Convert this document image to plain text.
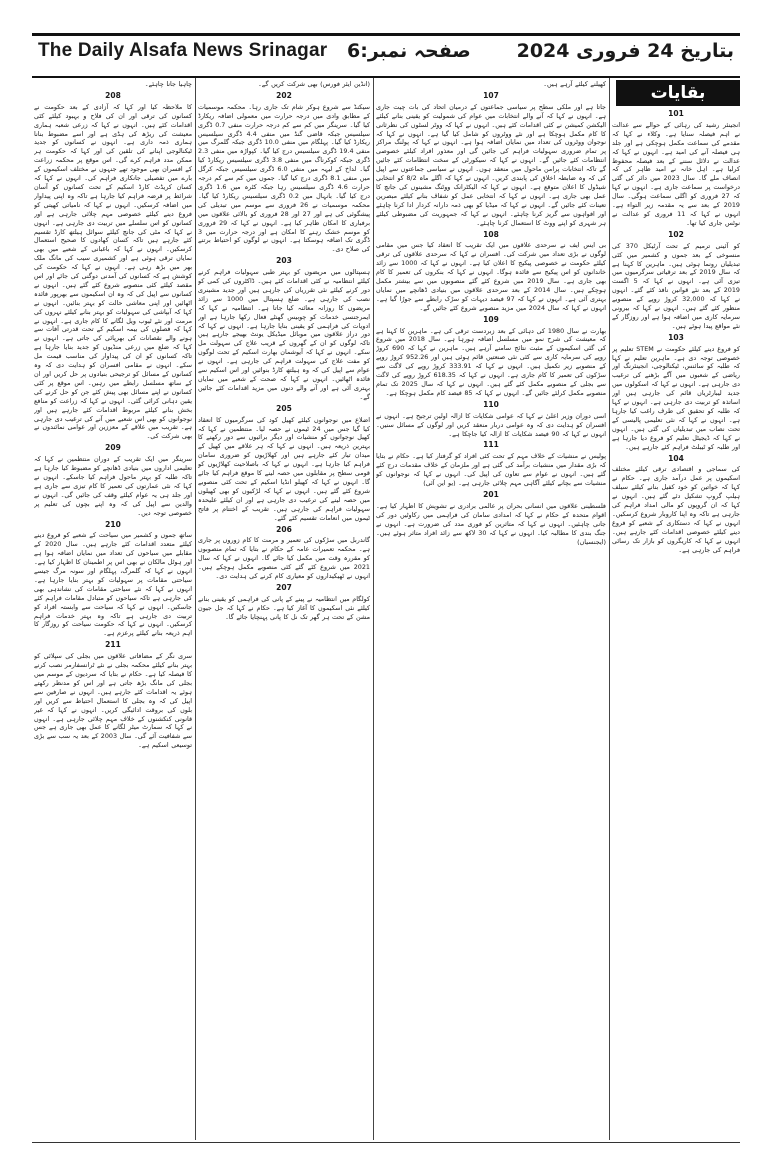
The Daily Alsafa News Srinagar صفحہ نمبر:6 بتاریخ 24 فروری 2024

چاہیا جانا چاہئے۔

208

کا ملاحظہ کیا اور کہا کہ آزادی کے بعد حکومت نے کسانوں کی ترقی اور ان کی فلاح و بہبود کیلئے کئی اقدامات کئے ہیں۔ انہوں نے کہا کہ زرعی شعبہ ہماری معیشت کی ریڑھ کی ہڈی ہے اور اسے مضبوط بنانا ہماری ذمہ داری ہے۔ انہوں نے کسانوں کو جدید ٹیکنالوجی اپنانے کی تلقین کی اور کہا کہ حکومت ہر ممکن مدد فراہم کرے گی۔ اس موقع پر محکمہ زراعت کے افسران بھی موجود تھے جنہوں نے مختلف اسکیموں کے بارے میں تفصیلی جانکاری فراہم کی۔ انہوں نے کہا کہ کسان کریڈٹ کارڈ اسکیم کے تحت کسانوں کو آسان شرائط پر قرضہ فراہم کیا جارہا ہے تاکہ وہ اپنی پیداوار میں اضافہ کرسکیں۔ انہوں نے کہا کہ نامیاتی کھیتی کو فروغ دینے کیلئے خصوصی مہم چلائی جارہی ہے اور کسانوں کو اس سلسلے میں تربیت دی جارہی ہے۔ انہوں نے کہا کہ مٹی کی جانچ کیلئے سوائل ہیلتھ کارڈ تقسیم کئے جارہے ہیں تاکہ کسان کھادوں کا صحیح استعمال کرسکیں۔ انہوں نے کہا کہ باغبانی کے شعبے میں بھی نمایاں ترقی ہوئی ہے اور کشمیری سیب کی مانگ ملک بھر میں بڑھ رہی ہے۔ انہوں نے کہا کہ حکومت کی کوشش ہے کہ کسانوں کی آمدنی دوگنی کی جائے اور اس مقصد کیلئے کئی منصوبے شروع کئے گئے ہیں۔ انہوں نے کسانوں سے اپیل کی کہ وہ ان اسکیموں سے بھرپور فائدہ اٹھائیں اور اپنی معاشی حالت کو بہتر بنائیں۔ انہوں نے کہا کہ آبپاشی کی سہولیات کو بہتر بنانے کیلئے نہروں کی مرمت اور نئے ٹیوب ویل لگانے کا کام جاری ہے۔ انہوں نے کہا کہ فصلوں کی بیمہ اسکیم کے تحت قدرتی آفات سے ہونے والے نقصانات کی بھرپائی کی جاتی ہے۔ انہوں نے کہا کہ ضلع میں زرعی منڈیوں کو جدید بنایا جارہا ہے تاکہ کسانوں کو ان کی پیداوار کی مناسب قیمت مل سکے۔ انہوں نے مقامی افسران کو ہدایت دی کہ وہ کسانوں کے مسائل کو ترجیحی بنیادوں پر حل کریں اور ان کے ساتھ مسلسل رابطے میں رہیں۔ اس موقع پر کئی کسانوں نے اپنے مسائل بھی پیش کئے جن کو حل کرنے کی یقین دہانی کرائی گئی۔ انہوں نے کہا کہ زراعت کو منافع بخش بنانے کیلئے مربوط اقدامات کئے جارہے ہیں اور نوجوانوں کو بھی اس شعبے میں آنے کی ترغیب دی جارہی ہے۔ تقریب میں علاقے کے معززین اور عوامی نمائندوں نے بھی شرکت کی۔

209

سرینگر میں ایک تقریب کے دوران منتظمین نے کہا کہ تعلیمی اداروں میں بنیادی ڈھانچے کو مضبوط کیا جارہا ہے تاکہ طلبہ کو بہتر ماحول فراہم کیا جاسکے۔ انہوں نے کہا کہ نئی عمارتوں کی تعمیر کا کام تیزی سے جاری ہے اور جلد ہی یہ عوام کیلئے وقف کی جائیں گی۔ انہوں نے والدین سے اپیل کی کہ وہ اپنے بچوں کی تعلیم پر خصوصی توجہ دیں۔

210

ساتھ جموں و کشمیر میں سیاحت کے شعبے کو فروغ دینے کیلئے متعدد اقدامات کئے جارہے ہیں۔ سال 2020 کے مقابلے میں سیاحوں کی تعداد میں نمایاں اضافہ ہوا ہے اور ہوٹل مالکان نے بھی اس پر اطمینان کا اظہار کیا ہے۔ انہوں نے کہا کہ گلمرگ، پہلگام اور سونہ مرگ جیسے سیاحتی مقامات پر سہولیات کو بہتر بنایا جارہا ہے۔ انہوں نے کہا کہ نئے سیاحتی مقامات کی نشاندہی بھی کی جارہی ہے تاکہ سیاحوں کو متبادل مقامات فراہم کئے جاسکیں۔ انہوں نے کہا کہ سیاحت سے وابستہ افراد کو تربیت دی جارہی ہے تاکہ وہ بہتر خدمات فراہم کرسکیں۔ انہوں نے کہا کہ حکومت سیاحت کو روزگار کا اہم ذریعہ بنانے کیلئے پرعزم ہے۔

211

سری نگر کے مضافاتی علاقوں میں بجلی کی سپلائی کو بہتر بنانے کیلئے محکمہ بجلی نے نئے ٹرانسفارمر نصب کرنے کا فیصلہ کیا ہے۔ حکام نے بتایا کہ سردیوں کے موسم میں بجلی کی مانگ بڑھ جاتی ہے اور اس کو مدنظر رکھتے ہوئے یہ اقدامات کئے جارہے ہیں۔ انہوں نے صارفین سے اپیل کی کہ وہ بجلی کا استعمال احتیاط سے کریں اور بلوں کی بروقت ادائیگی کریں۔ انہوں نے کہا کہ غیر قانونی کنکشنوں کے خلاف مہم چلائی جارہی ہے۔ انہوں نے کہا کہ سمارٹ میٹر لگانے کا عمل بھی جاری ہے جس سے شفافیت آئے گی۔ سال 2003 کے بعد یہ سب سے بڑی توسیعی اسکیم ہے۔

(انڈین ایئر فورس) بھی شرکت کریں گے۔

202

سیکنڈ سے شروع ہوکر شام تک جاری رہا۔ محکمہ موسمیات کے مطابق وادی میں درجہ حرارت میں معمولی اضافہ ریکارڈ کیا گیا۔ سرینگر میں کم سے کم درجہ حرارت منفی 0.7 ڈگری سیلسیس جبکہ قاضی گنڈ میں منفی 4.4 ڈگری سیلسیس ریکارڈ کیا گیا۔ پہلگام میں منفی 10.0 ڈگری جبکہ گلمرگ میں منفی 19.4 ڈگری سیلسیس درج کیا گیا۔ کپواڑہ میں منفی 2.3 ڈگری جبکہ کوکرناگ میں منفی 3.8 ڈگری سیلسیس ریکارڈ کیا گیا۔ لداخ کے لیہہ میں منفی 6.0 ڈگری سیلسیس جبکہ کرگل میں منفی 8.1 ڈگری درج کیا گیا۔ جموں میں کم سے کم درجہ حرارت 4.6 ڈگری سیلسیس رہا جبکہ کٹرہ میں 1.6 ڈگری درج کیا گیا۔ بانہال میں 0.2 ڈگری سیلسیس ریکارڈ کیا گیا۔ محکمہ موسمیات نے 26 فروری سے موسم میں تبدیلی کی پیشگوئی کی ہے اور 27 اور 28 فروری کو بالائی علاقوں میں برفباری کا امکان ظاہر کیا ہے۔ انہوں نے کہا کہ 29 فروری کو موسم خشک رہنے کا امکان ہے اور درجہ حرارت میں 3 ڈگری تک اضافہ ہوسکتا ہے۔ انہوں نے لوگوں کو احتیاط برتنے کی صلاح دی۔

203

ہسپتالوں میں مریضوں کو بہتر طبی سہولیات فراہم کرنے کیلئے انتظامیہ نے کئی اقدامات کئے ہیں۔ ڈاکٹروں کی کمی کو دور کرنے کیلئے نئی تقرریاں کی جارہی ہیں اور جدید مشینری نصب کی جارہی ہے۔ ضلع ہسپتال میں 1000 سے زائد مریضوں کا روزانہ معائنہ کیا جاتا ہے۔ انتظامیہ نے کہا کہ ایمرجنسی خدمات کو چوبیس گھنٹے فعال رکھا جارہا ہے اور ادویات کی فراہمی کو یقینی بنایا جارہا ہے۔ انہوں نے کہا کہ دور دراز علاقوں میں موبائل میڈیکل یونٹ بھیجے جارہے ہیں تاکہ لوگوں کو ان کے گھروں کے قریب علاج کی سہولت مل سکے۔ انہوں نے کہا کہ آیوشمان بھارت اسکیم کے تحت لوگوں کو مفت علاج کی سہولت فراہم کی جارہی ہے۔ انہوں نے عوام سے اپیل کی کہ وہ ہیلتھ کارڈ بنوائیں اور اس اسکیم سے فائدہ اٹھائیں۔ انہوں نے کہا کہ صحت کے شعبے میں نمایاں بہتری آئی ہے اور آنے والے دنوں میں مزید اقدامات کئے جائیں گے۔

205

اضلاع میں نوجوانوں کیلئے کھیل کود کی سرگرمیوں کا انعقاد کیا گیا جس میں 24 ٹیموں نے حصہ لیا۔ منتظمین نے کہا کہ کھیل نوجوانوں کو منشیات اور دیگر برائیوں سے دور رکھنے کا بہترین ذریعہ ہیں۔ انہوں نے کہا کہ ہر علاقے میں کھیل کے میدان تیار کئے جارہے ہیں اور کھلاڑیوں کو ضروری سامان فراہم کیا جارہا ہے۔ انہوں نے کہا کہ باصلاحیت کھلاڑیوں کو قومی سطح پر مقابلوں میں حصہ لینے کا موقع فراہم کیا جائے گا۔ انہوں نے کہا کہ کھیلو انڈیا اسکیم کے تحت کئی منصوبے شروع کئے گئے ہیں۔ انہوں نے کہا کہ لڑکیوں کو بھی کھیلوں میں حصہ لینے کی ترغیب دی جارہی ہے اور ان کیلئے علیحدہ سہولیات فراہم کی جارہی ہیں۔ تقریب کے اختتام پر فاتح ٹیموں میں انعامات تقسیم کئے گئے۔

206

گاندربل میں سڑکوں کی تعمیر و مرمت کا کام زوروں پر جاری ہے۔ محکمہ تعمیرات عامہ کے حکام نے بتایا کہ تمام منصوبوں کو مقررہ وقت میں مکمل کیا جائے گا۔ انہوں نے کہا کہ سال 2021 میں شروع کئے گئے کئی منصوبے مکمل ہوچکے ہیں۔ انہوں نے ٹھیکیداروں کو معیاری کام کرنے کی ہدایت دی۔

207

کولگام میں انتظامیہ نے پینے کے پانی کی فراہمی کو یقینی بنانے کیلئے نئی اسکیموں کا آغاز کیا ہے۔ حکام نے کہا کہ جل جیون مشن کے تحت ہر گھر تک نل کا پانی پہنچایا جائے گا۔

کھیلنے کیلئے آرہے ہیں۔

107

جاتا ہے اور ملکی سطح پر سیاسی جماعتوں کے درمیان اتحاد کی بات چیت جاری ہے۔ انہوں نے کہا کہ آنے والے انتخابات میں عوام کی شمولیت کو یقینی بنانے کیلئے الیکشن کمیشن نے کئی اقدامات کئے ہیں۔ انہوں نے کہا کہ ووٹر لسٹوں کی نظرثانی کا کام مکمل ہوچکا ہے اور نئے ووٹروں کو شامل کیا گیا ہے۔ انہوں نے کہا کہ نوجوان ووٹروں کی تعداد میں نمایاں اضافہ ہوا ہے۔ انہوں نے کہا کہ پولنگ مراکز پر تمام ضروری سہولیات فراہم کی جائیں گی اور معذور افراد کیلئے خصوصی انتظامات کئے جائیں گے۔ انہوں نے کہا کہ سیکورٹی کے سخت انتظامات کئے جائیں گے تاکہ انتخابات پرامن ماحول میں منعقد ہوں۔ انہوں نے سیاسی جماعتوں سے اپیل کی کہ وہ ضابطہ اخلاق کی پابندی کریں۔ انہوں نے کہا کہ اگلے ماہ 8/2 کو انتخابی شیڈول کا اعلان متوقع ہے۔ انہوں نے کہا کہ الیکٹرانک ووٹنگ مشینوں کی جانچ کا عمل بھی جاری ہے۔ انہوں نے کہا کہ انتخابی عمل کو شفاف بنانے کیلئے مبصرین تعینات کئے جائیں گے۔ انہوں نے کہا کہ میڈیا کو بھی ذمہ دارانہ کردار ادا کرنا چاہئے اور افواہوں سے گریز کرنا چاہئے۔ انہوں نے کہا کہ جمہوریت کی مضبوطی کیلئے ہر شہری کو اپنے ووٹ کا استعمال کرنا چاہئے۔

108

بی ایس ایف نے سرحدی علاقوں میں ایک تقریب کا انعقاد کیا جس میں مقامی لوگوں نے بڑی تعداد میں شرکت کی۔ افسران نے کہا کہ سرحدی علاقوں کی ترقی کیلئے حکومت نے خصوصی پیکیج کا اعلان کیا ہے۔ انہوں نے کہا کہ 1000 سے زائد خاندانوں کو اس پیکیج سے فائدہ ہوگا۔ انہوں نے کہا کہ بنکروں کی تعمیر کا کام بھی جاری ہے۔ سال 2019 میں شروع کئے گئے منصوبوں میں سے بیشتر مکمل ہوچکے ہیں۔ سال 2014 کے بعد سرحدی علاقوں میں بنیادی ڈھانچے میں نمایاں بہتری آئی ہے۔ انہوں نے کہا کہ 97 فیصد دیہات کو سڑک رابطے سے جوڑا گیا ہے۔ انہوں نے کہا کہ سال 2024 میں مزید منصوبے شروع کئے جائیں گے۔

109

بھارت نے سال 1980 کی دہائی کے بعد زبردست ترقی کی ہے۔ ماہرین کا کہنا ہے کہ معیشت کی شرح نمو میں مسلسل اضافہ ہورہا ہے۔ سال 2018 میں شروع کی گئی اسکیموں کے مثبت نتائج سامنے آرہے ہیں۔ ماہرین نے کہا کہ 690 کروڑ روپے کی سرمایہ کاری سے کئی نئی صنعتیں قائم ہوئی ہیں اور 952.26 کروڑ روپے کے منصوبے زیر تکمیل ہیں۔ انہوں نے کہا کہ 333.91 کروڑ روپے کی لاگت سے سڑکوں کی تعمیر کا کام جاری ہے۔ انہوں نے کہا کہ 618.35 کروڑ روپے کی لاگت سے بجلی کے منصوبے مکمل کئے گئے ہیں۔ انہوں نے کہا کہ سال 2025 تک تمام منصوبے مکمل کرلئے جائیں گے۔ انہوں نے کہا کہ 85 فیصد کام مکمل ہوچکا ہے۔

110

اسی دوران وزیر اعلیٰ نے کہا کہ عوامی شکایات کا ازالہ اولین ترجیح ہے۔ انہوں نے افسران کو ہدایت دی کہ وہ عوامی دربار منعقد کریں اور لوگوں کے مسائل سنیں۔ انہوں نے کہا کہ 90 فیصد شکایات کا ازالہ کیا جاچکا ہے۔

111

پولیس نے منشیات کے خلاف مہم کے تحت کئی افراد کو گرفتار کیا ہے۔ حکام نے بتایا کہ بڑی مقدار میں منشیات برآمد کی گئی ہے اور ملزمان کے خلاف مقدمات درج کئے گئے ہیں۔ انہوں نے عوام سے تعاون کی اپیل کی۔ انہوں نے کہا کہ نوجوانوں کو منشیات سے بچانے کیلئے آگاہی مہم چلائی جارہی ہے۔ (یو این آئی)

201

فلسطینی علاقوں میں انسانی بحران پر عالمی برادری نے تشویش کا اظہار کیا ہے۔ اقوام متحدہ کے حکام نے کہا کہ امدادی سامان کی فراہمی میں رکاوٹیں دور کی جانی چاہئیں۔ انہوں نے کہا کہ متاثرین کو فوری مدد کی ضرورت ہے۔ انہوں نے جنگ بندی کا مطالبہ کیا۔ انہوں نے کہا کہ 30 لاکھ سے زائد افراد متاثر ہوئے ہیں۔ (ایجنسیاں)

101

انجینئر رشید کی رہائی کے حوالے سے عدالت نے اہم فیصلہ سنایا ہے۔ وکلاء نے کہا کہ مقدمے کی سماعت مکمل ہوچکی ہے اور جلد ہی فیصلہ آنے کی امید ہے۔ انہوں نے کہا کہ عدالت نے دلائل سننے کے بعد فیصلہ محفوظ کرلیا ہے۔ اہل خانہ نے امید ظاہر کی کہ انصاف ملے گا۔ سال 2023 میں دائر کی گئی درخواست پر سماعت جاری ہے۔ انہوں نے کہا کہ 27 فروری کو اگلی سماعت ہوگی۔ سال 2019 کے بعد سے یہ مقدمہ زیر التواء ہے۔ انہوں نے کہا کہ 11 فروری کو عدالت نے نوٹس جاری کیا تھا۔

102

کو آئینی ترمیم کے تحت آرٹیکل 370 کی منسوخی کے بعد جموں و کشمیر میں کئی تبدیلیاں رونما ہوئی ہیں۔ ماہرین کا کہنا ہے کہ سال 2019 کے بعد ترقیاتی سرگرمیوں میں تیزی آئی ہے۔ انہوں نے کہا کہ 5 اگست 2019 کے بعد نئے قوانین نافذ کئے گئے۔ انہوں نے کہا کہ 32,000 کروڑ روپے کے منصوبے منظور کئے گئے ہیں۔ انہوں نے کہا کہ بیرونی سرمایہ کاری میں اضافہ ہوا ہے اور روزگار کے نئے مواقع پیدا ہوئے ہیں۔

103

کو فروغ دینے کیلئے حکومت نے STEM تعلیم پر خصوصی توجہ دی ہے۔ ماہرین تعلیم نے کہا کہ طلبہ کو سائنس، ٹیکنالوجی، انجینئرنگ اور ریاضی کے شعبوں میں آگے بڑھنے کی ترغیب دی جارہی ہے۔ انہوں نے کہا کہ اسکولوں میں جدید لیبارٹریاں قائم کی جارہی ہیں اور اساتذہ کو تربیت دی جارہی ہے۔ انہوں نے کہا کہ طلبہ کو تحقیق کی طرف راغب کیا جارہا ہے۔ انہوں نے کہا کہ نئی تعلیمی پالیسی کے تحت نصاب میں تبدیلیاں کی گئی ہیں۔ انہوں نے کہا کہ ڈیجیٹل تعلیم کو فروغ دیا جارہا ہے اور طلبہ کو ٹیبلٹ فراہم کئے جارہے ہیں۔

104

کی سماجی و اقتصادی ترقی کیلئے مختلف اسکیموں پر عمل درآمد جاری ہے۔ حکام نے کہا کہ خواتین کو خود کفیل بنانے کیلئے سیلف ہیلپ گروپ تشکیل دئے گئے ہیں۔ انہوں نے کہا کہ ان گروپوں کو مالی امداد فراہم کی جارہی ہے تاکہ وہ اپنا کاروبار شروع کرسکیں۔ انہوں نے کہا کہ دستکاری کے شعبے کو فروغ دینے کیلئے خصوصی اقدامات کئے جارہے ہیں۔ انہوں نے کہا کہ کاریگروں کو بازار تک رسائی فراہم کی جارہی ہے۔

بقایات
